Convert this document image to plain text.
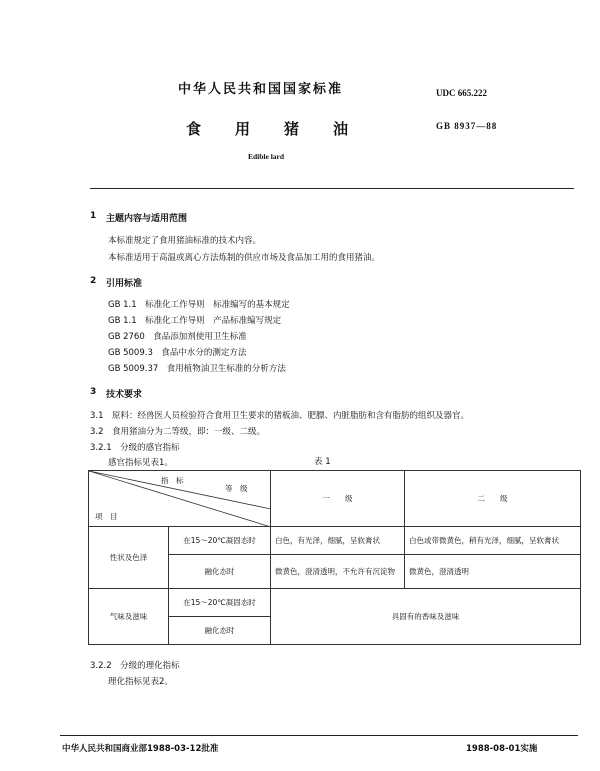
中华人民共和国国家标准	UDC 665.222
食用猪油	GB 8937—88
Edible lard
1 主题内容与适用范围
本标准规定了食用猪油标准的技术内容。
本标准适用于高温或离心方法炼制的供应市场及食品加工用的食用猪油。
2 引用标准
GB 1.1　标准化工作导则　标准编写的基本规定
GB 1.1　标准化工作导则　产品标准编写规定
GB 2760　食品添加剂使用卫生标准
GB 5009.3　食品中水分的测定方法
GB 5009.37　食用植物油卫生标准的分析方法
3 技术要求
3.1　原料：经兽医人员检验符合食用卫生要求的猪板油、肥膘、内脏脂肪和含有脂肪的组织及器官。
3.2　食用猪油分为二等级，即：一级、二级。
3.2.1　分级的感官指标
感官指标见表1。	表 1
指　标
等　级
项　目		一　　级	二　　级
性状及色泽	在15～20℃凝固态时	白色，有光泽，细腻，呈软膏状	白色或带微黄色，稍有光泽，细腻，呈软膏状
	融化态时	微黄色，澄清透明，不允许有沉淀物	微黄色，澄清透明
气味及滋味	在15～20℃凝固态时	具固有的香味及滋味	
	融化态时		
3.2.2　分级的理化指标
理化指标见表2。
中华人民共和国商业部1988-03-12批准	1988-08-01实施
